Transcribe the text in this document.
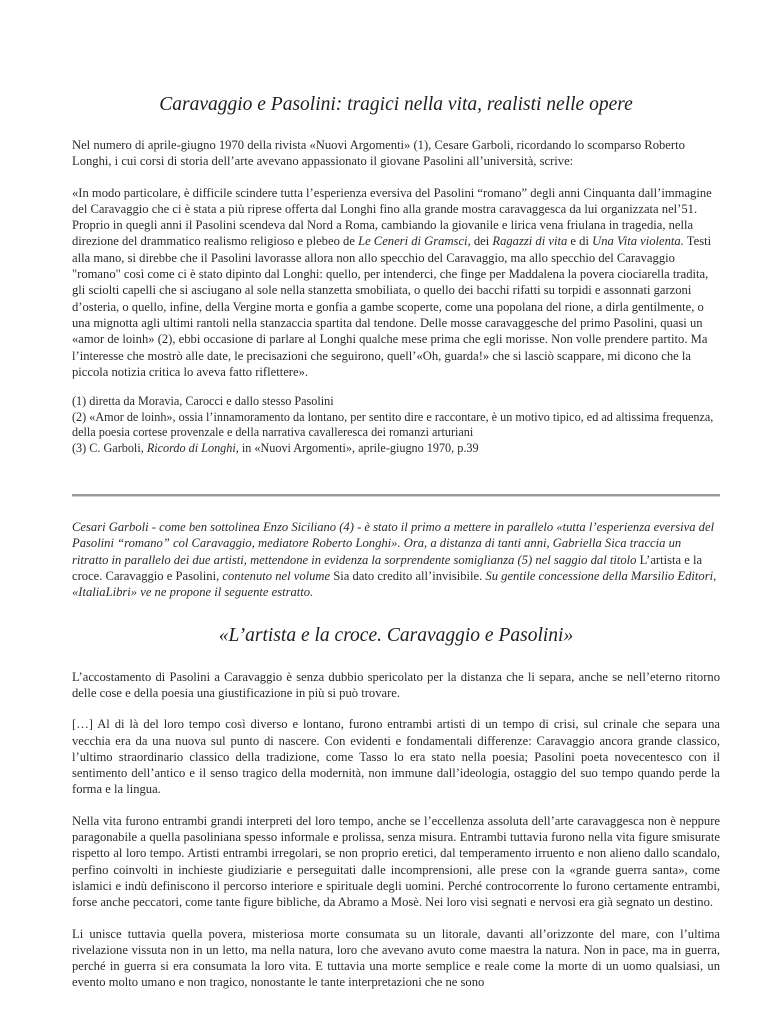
Caravaggio e Pasolini: tragici nella vita, realisti nelle opere

Nel numero di aprile-giugno 1970 della rivista «Nuovi Argomenti» (1), Cesare Garboli, ricordando lo scomparso Roberto Longhi, i cui corsi di storia dell’arte avevano appassionato il giovane Pasolini all’università, scrive:

«In modo particolare, è difficile scindere tutta l’esperienza eversiva del Pasolini “romano” degli anni Cinquanta dall’immagine del Caravaggio che ci è stata a più riprese offerta dal Longhi fino alla grande mostra caravaggesca da lui organizzata nel’51. Proprio in quegli anni il Pasolini scendeva dal Nord a Roma, cambiando la giovanile e lirica vena friulana in tragedia, nella direzione del drammatico realismo religioso e plebeo de Le Ceneri di Gramsci, dei Ragazzi di vita e di Una Vita violenta. Testi alla mano, si direbbe che il Pasolini lavorasse allora non allo specchio del Caravaggio, ma allo specchio del Caravaggio "romano" così come ci è stato dipinto dal Longhi: quello, per intenderci, che finge per Maddalena la povera ciociarella tradita, gli sciolti capelli che si asciugano al sole nella stanzetta smobiliata, o quello dei bacchi rifatti su torpidi e assonnati garzoni d’osteria, o quello, infine, della Vergine morta e gonfia a gambe scoperte, come una popolana del rione, a dirla gentilmente, o una mignotta agli ultimi rantoli nella stanzaccia spartita dal tendone. Delle mosse caravaggesche del primo Pasolini, quasi un «amor de loinh» (2), ebbi occasione di parlare al Longhi qualche mese prima che egli morisse. Non volle prendere partito. Ma l’interesse che mostrò alle date, le precisazioni che seguirono, quell’«Oh, guarda!» che si lasciò scappare, mi dicono che la piccola notizia critica lo aveva fatto riflettere».

(1) diretta da Moravia, Carocci e dallo stesso Pasolini
(2) «Amor de loinh», ossia l’innamoramento da lontano, per sentito dire e raccontare, è un motivo tipico, ed ad altissima frequenza, della poesia cortese provenzale e della narrativa cavalleresca dei romanzi arturiani
(3) C. Garboli, Ricordo di Longhi, in «Nuovi Argomenti», aprile-giugno 1970, p.39

Cesari Garboli - come ben sottolinea Enzo Siciliano (4) - è stato il primo a mettere in parallelo «tutta l’esperienza eversiva del Pasolini “romano” col Caravaggio, mediatore Roberto Longhi». Ora, a distanza di tanti anni, Gabriella Sica traccia un ritratto in parallelo dei due artisti, mettendone in evidenza la sorprendente somiglianza (5) nel saggio dal titolo L’artista e la croce. Caravaggio e Pasolini, contenuto nel volume Sia dato credito all’invisibile. Su gentile concessione della Marsilio Editori, «ItaliaLibri» ve ne propone il seguente estratto.

«L’artista e la croce. Caravaggio e Pasolini»

L’accostamento di Pasolini a Caravaggio è senza dubbio spericolato per la distanza che li separa, anche se nell’eterno ritorno delle cose e della poesia una giustificazione in più si può trovare.

[…] Al di là del loro tempo così diverso e lontano, furono entrambi artisti di un tempo di crisi, sul crinale che separa una vecchia era da una nuova sul punto di nascere. Con evidenti e fondamentali differenze: Caravaggio ancora grande classico, l’ultimo straordinario classico della tradizione, come Tasso lo era stato nella poesia; Pasolini poeta novecentesco con il sentimento dell’antico e il senso tragico della modernità, non immune dall’ideologia, ostaggio del suo tempo quando perde la forma e la lingua.

Nella vita furono entrambi grandi interpreti del loro tempo, anche se l’eccellenza assoluta dell’arte caravaggesca non è neppure paragonabile a quella pasoliniana spesso informale e prolissa, senza misura. Entrambi tuttavia furono nella vita figure smisurate rispetto al loro tempo. Artisti entrambi irregolari, se non proprio eretici, dal temperamento irruento e non alieno dallo scandalo, perfino coinvolti in inchieste giudiziarie e perseguitati dalle incomprensioni, alle prese con la «grande guerra santa», come islamici e indù definiscono il percorso interiore e spirituale degli uomini. Perché controcorrente lo furono certamente entrambi, forse anche peccatori, come tante figure bibliche, da Abramo a Mosè. Nei loro visi segnati e nervosi era già segnato un destino.

Li unisce tuttavia quella povera, misteriosa morte consumata su un litorale, davanti all’orizzonte del mare, con l’ultima rivelazione vissuta non in un letto, ma nella natura, loro che avevano avuto come maestra la natura. Non in pace, ma in guerra, perché in guerra si era consumata la loro vita. E tuttavia una morte semplice e reale come la morte di un uomo qualsiasi, un evento molto umano e non tragico, nonostante le tante interpretazioni che ne sono
